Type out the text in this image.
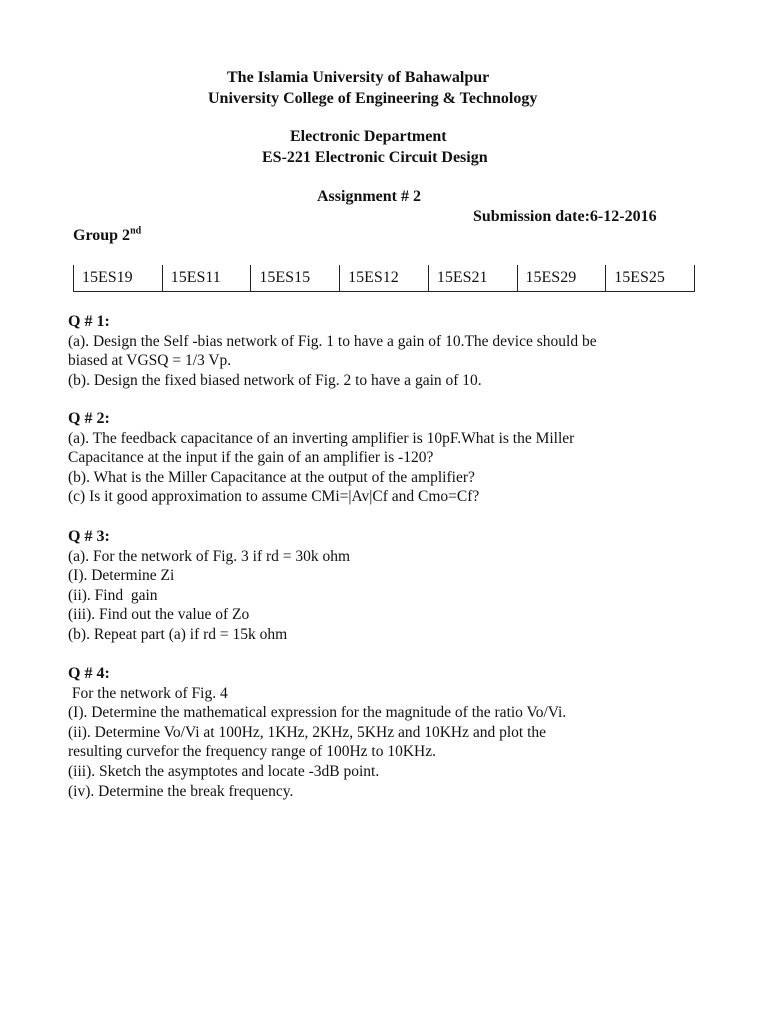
The Islamia University of Bahawalpur
University College of Engineering & Technology
Electronic Department
ES-221 Electronic Circuit Design
Assignment # 2
Submission date:6-12-2016
Group 2nd
15ES19	15ES11	15ES15	15ES12	15ES21	15ES29	15ES25
Q # 1:
(a). Design the Self -bias network of Fig. 1 to have a gain of 10.The device should be
biased at VGSQ = 1/3 Vp.
(b). Design the fixed biased network of Fig. 2 to have a gain of 10.
Q # 2:
(a). The feedback capacitance of an inverting amplifier is 10pF.What is the Miller
Capacitance at the input if the gain of an amplifier is -120?
(b). What is the Miller Capacitance at the output of the amplifier?
(c) Is it good approximation to assume CMi=|Av|Cf and Cmo=Cf?
Q # 3:
(a). For the network of Fig. 3 if rd = 30k ohm
(I). Determine Zi
(ii). Find  gain
(iii). Find out the value of Zo
(b). Repeat part (a) if rd = 15k ohm
Q # 4:
For the network of Fig. 4
(I). Determine the mathematical expression for the magnitude of the ratio Vo/Vi.
(ii). Determine Vo/Vi at 100Hz, 1KHz, 2KHz, 5KHz and 10KHz and plot the
resulting curvefor the frequency range of 100Hz to 10KHz.
(iii). Sketch the asymptotes and locate -3dB point.
(iv). Determine the break frequency.
